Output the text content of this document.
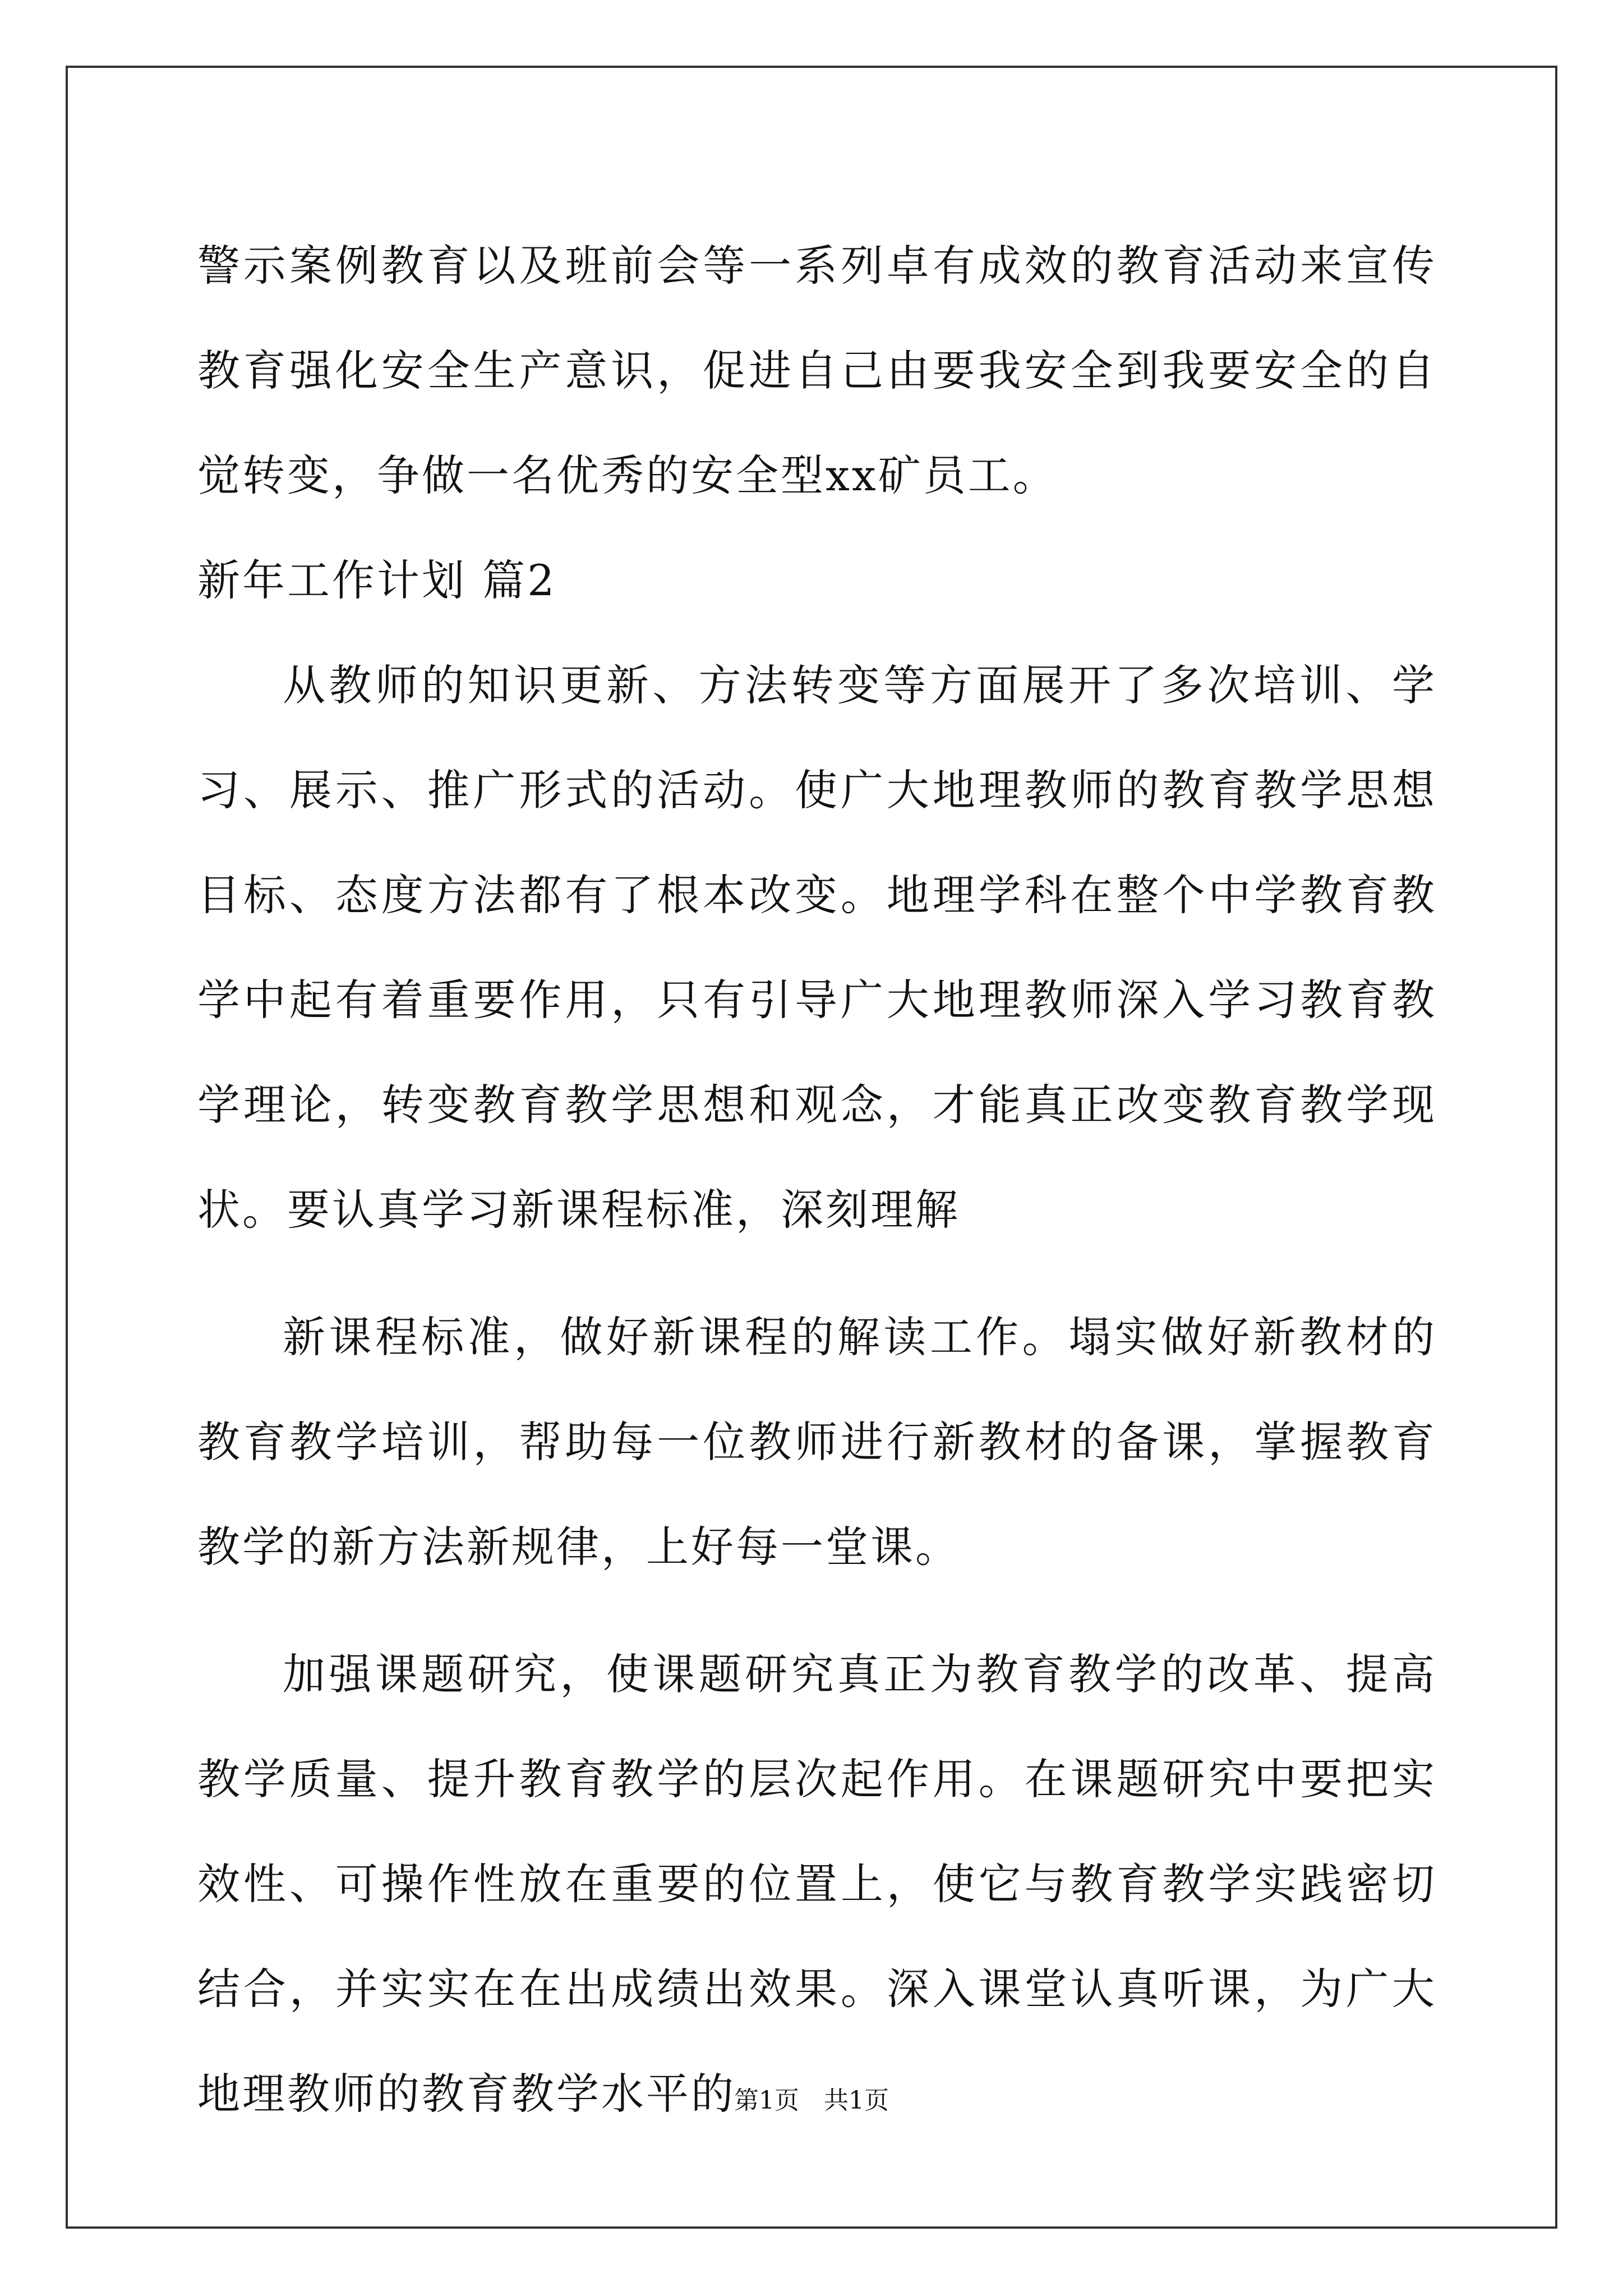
警示案例教育以及班前会等一系列卓有成效的教育活动来宣传教育强化安全生产意识，促进自己由要我安全到我要安全的自觉转变，争做一名优秀的安全型xx矿员工。

新年工作计划 篇2

从教师的知识更新、方法转变等方面展开了多次培训、学习、展示、推广形式的活动。使广大地理教师的教育教学思想目标、态度方法都有了根本改变。地理学科在整个中学教育教学中起有着重要作用，只有引导广大地理教师深入学习教育教学理论，转变教育教学思想和观念，才能真正改变教育教学现状。要认真学习新课程标准，深刻理解

新课程标准，做好新课程的解读工作。塌实做好新教材的教育教学培训，帮助每一位教师进行新教材的备课，掌握教育教学的新方法新规律，上好每一堂课。

加强课题研究，使课题研究真正为教育教学的改革、提高教学质量、提升教育教学的层次起作用。在课题研究中要把实效性、可操作性放在重要的位置上，使它与教育教学实践密切结合，并实实在在出成绩出效果。深入课堂认真听课，为广大地理教师的教育教学水平的

第1页　共1页
